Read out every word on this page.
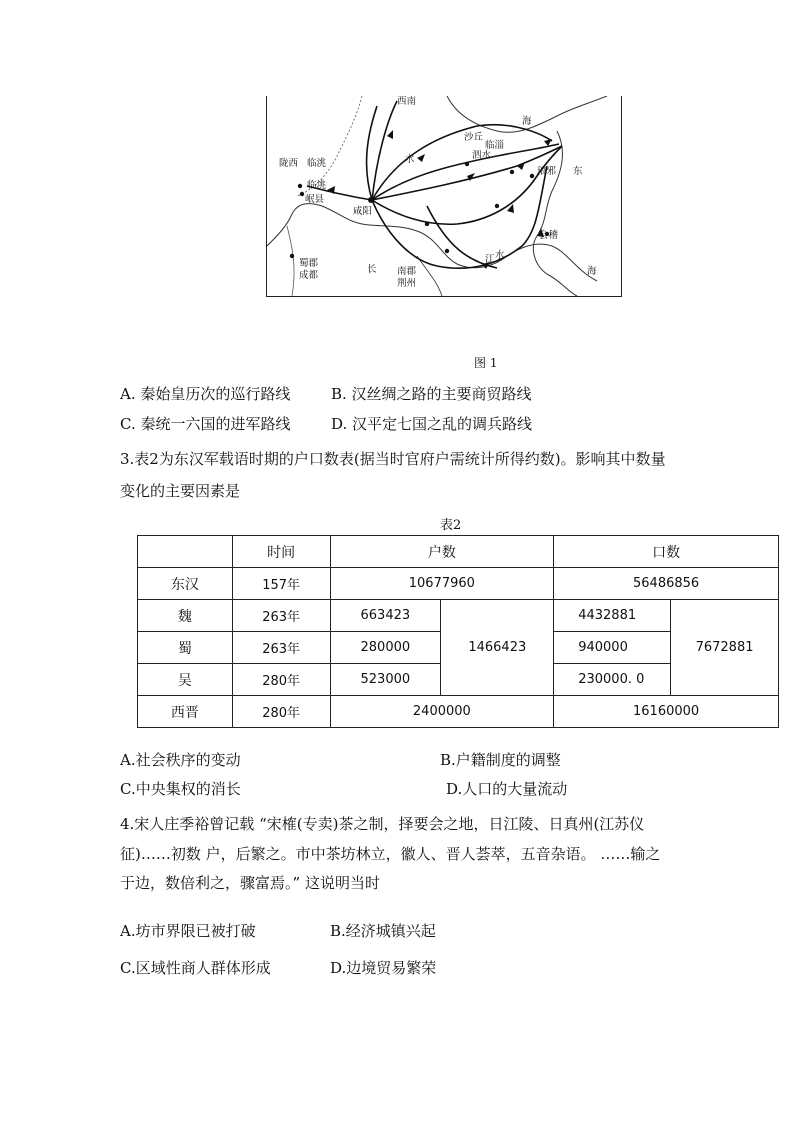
西南
陇西 临洮
临洮
岷县
咸阳
沙丘
临淄
泗水
琅邪 东
会稽
蜀郡
成都	南郡
荆州
长
江
海
水
水
海
图 1
A. 秦始皇历次的巡行路线	B. 汉丝绸之路的主要商贸路线
C. 秦统一六国的进军路线	D. 汉平定七国之乱的调兵路线
3.表2为东汉军载语时期的户口数表(据当时官府户需统计所得约数)。影响其中数量
变化的主要因素是
表2
	时间	户数		口数	
东汉	157年	10677960		56486856	
魏	263年	663423	1466423	4432881	7672881
蜀	263年	280000		940000	
吴	280年	523000		230000. 0	
西晋	280年	2400000		16160000	
A.社会秩序的变动	B.户籍制度的调整
C.中央集权的消长	D.人口的大量流动
4.宋人庄季裕曾记载 “宋榷(专卖)茶之制，择要会之地，日江陵、日真州(江苏仪
征)……初数 户，后繁之。市中茶坊林立，徽人、晋人荟萃，五音杂语。 ……输之
于边，数倍利之，骤富焉。” 这说明当时
A.坊市界限已被打破	B.经济城镇兴起
C.区域性商人群体形成	D.边境贸易繁荣
